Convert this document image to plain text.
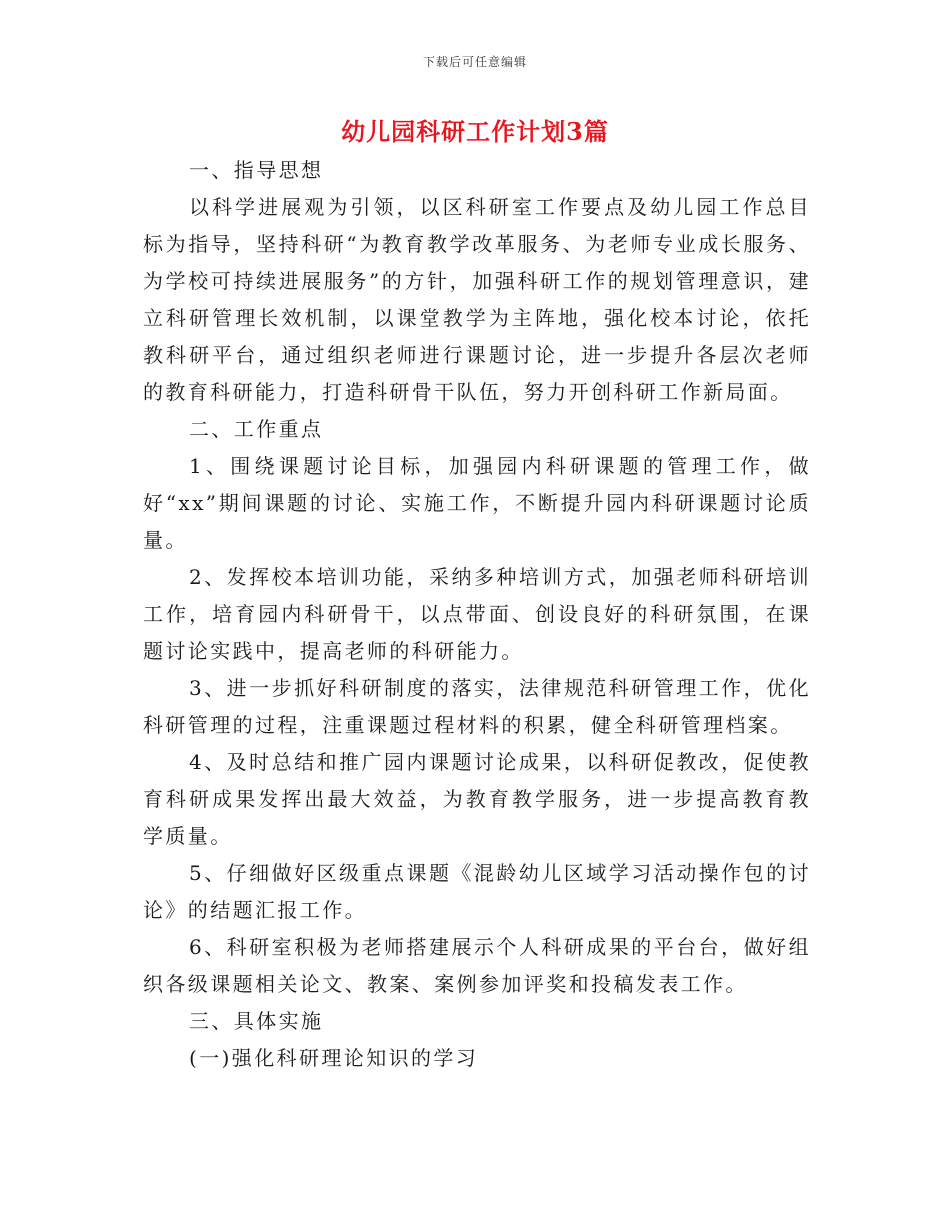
下载后可任意编辑
幼儿园科研工作计划3篇

一、指导思想

以科学进展观为引领，以区科研室工作要点及幼儿园工作总目标为指导，坚持科研“为教育教学改革服务、为老师专业成长服务、为学校可持续进展服务”的方针，加强科研工作的规划管理意识，建立科研管理长效机制，以课堂教学为主阵地，强化校本讨论，依托教科研平台，通过组织老师进行课题讨论，进一步提升各层次老师的教育科研能力，打造科研骨干队伍，努力开创科研工作新局面。

二、工作重点

1、围绕课题讨论目标，加强园内科研课题的管理工作，做好“xx”期间课题的讨论、实施工作，不断提升园内科研课题讨论质量。

2、发挥校本培训功能，采纳多种培训方式，加强老师科研培训工作，培育园内科研骨干，以点带面、创设良好的科研氛围，在课题讨论实践中，提高老师的科研能力。

3、进一步抓好科研制度的落实，法律规范科研管理工作，优化科研管理的过程，注重课题过程材料的积累，健全科研管理档案。

4、及时总结和推广园内课题讨论成果，以科研促教改，促使教育科研成果发挥出最大效益，为教育教学服务，进一步提高教育教学质量。

5、仔细做好区级重点课题《混龄幼儿区域学习活动操作包的讨论》的结题汇报工作。

6、科研室积极为老师搭建展示个人科研成果的平台台，做好组织各级课题相关论文、教案、案例参加评奖和投稿发表工作。

三、具体实施

(一)强化科研理论知识的学习
